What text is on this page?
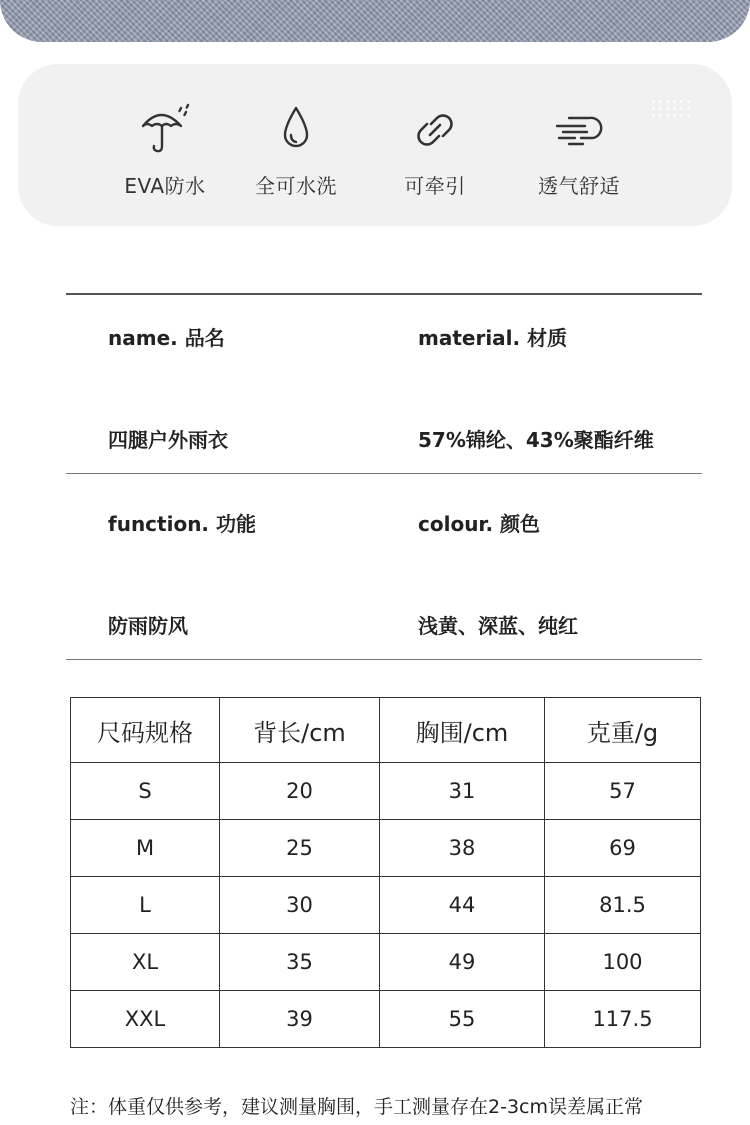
EVA防水	全可水洗	可牵引	透气舒适
name. 品名	material. 材质
四腿户外雨衣	57%锦纶、43%聚酯纤维
function. 功能	colour. 颜色
防雨防风	浅黄、深蓝、纯红
尺码规格	背长/cm	胸围/cm	克重/g
S	20	31	57
M	25	38	69
L	30	44	81.5
XL	35	49	100
XXL	39	55	117.5
注：体重仅供参考，建议测量胸围，手工测量存在2-3cm误差属正常
